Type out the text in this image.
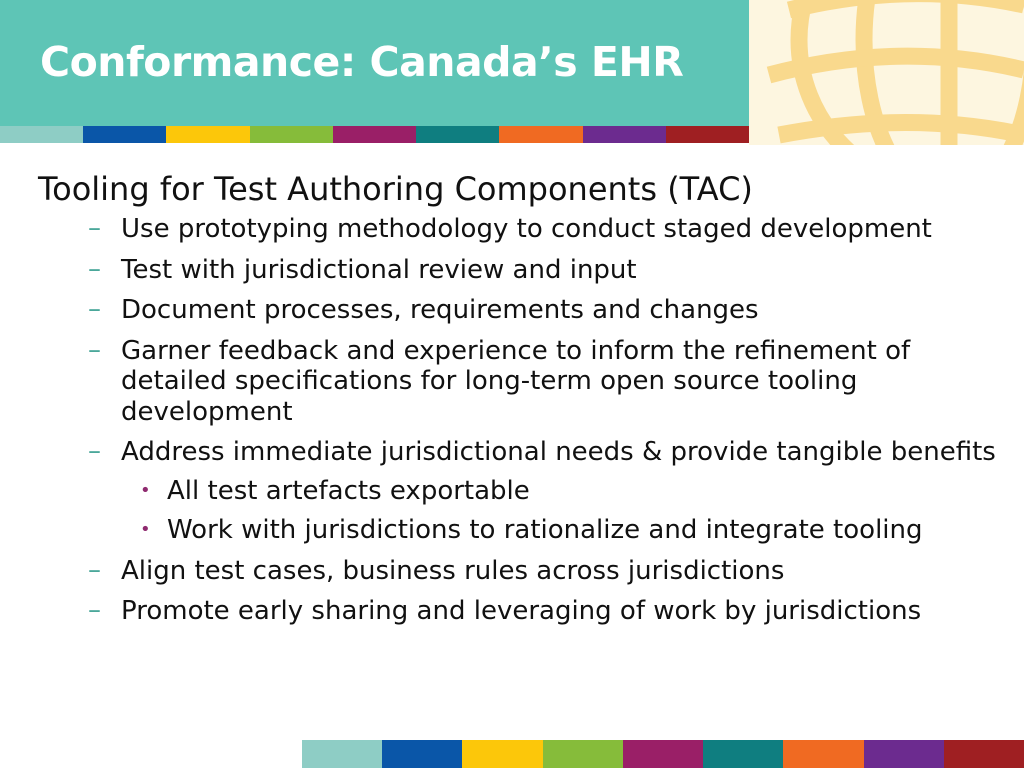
Conformance: Canada’s EHR
Tooling for Test Authoring Components (TAC)
– Use prototyping methodology to conduct staged development
– Test with jurisdictional review and input
– Document processes, requirements and changes
– Garner feedback and experience to inform the refinement of detailed specifications for long-term open source tooling development
– Address immediate jurisdictional needs & provide tangible benefits
• All test artefacts exportable
• Work with jurisdictions to rationalize and integrate tooling
– Align test cases, business rules across jurisdictions
– Promote early sharing and leveraging of work by jurisdictions
